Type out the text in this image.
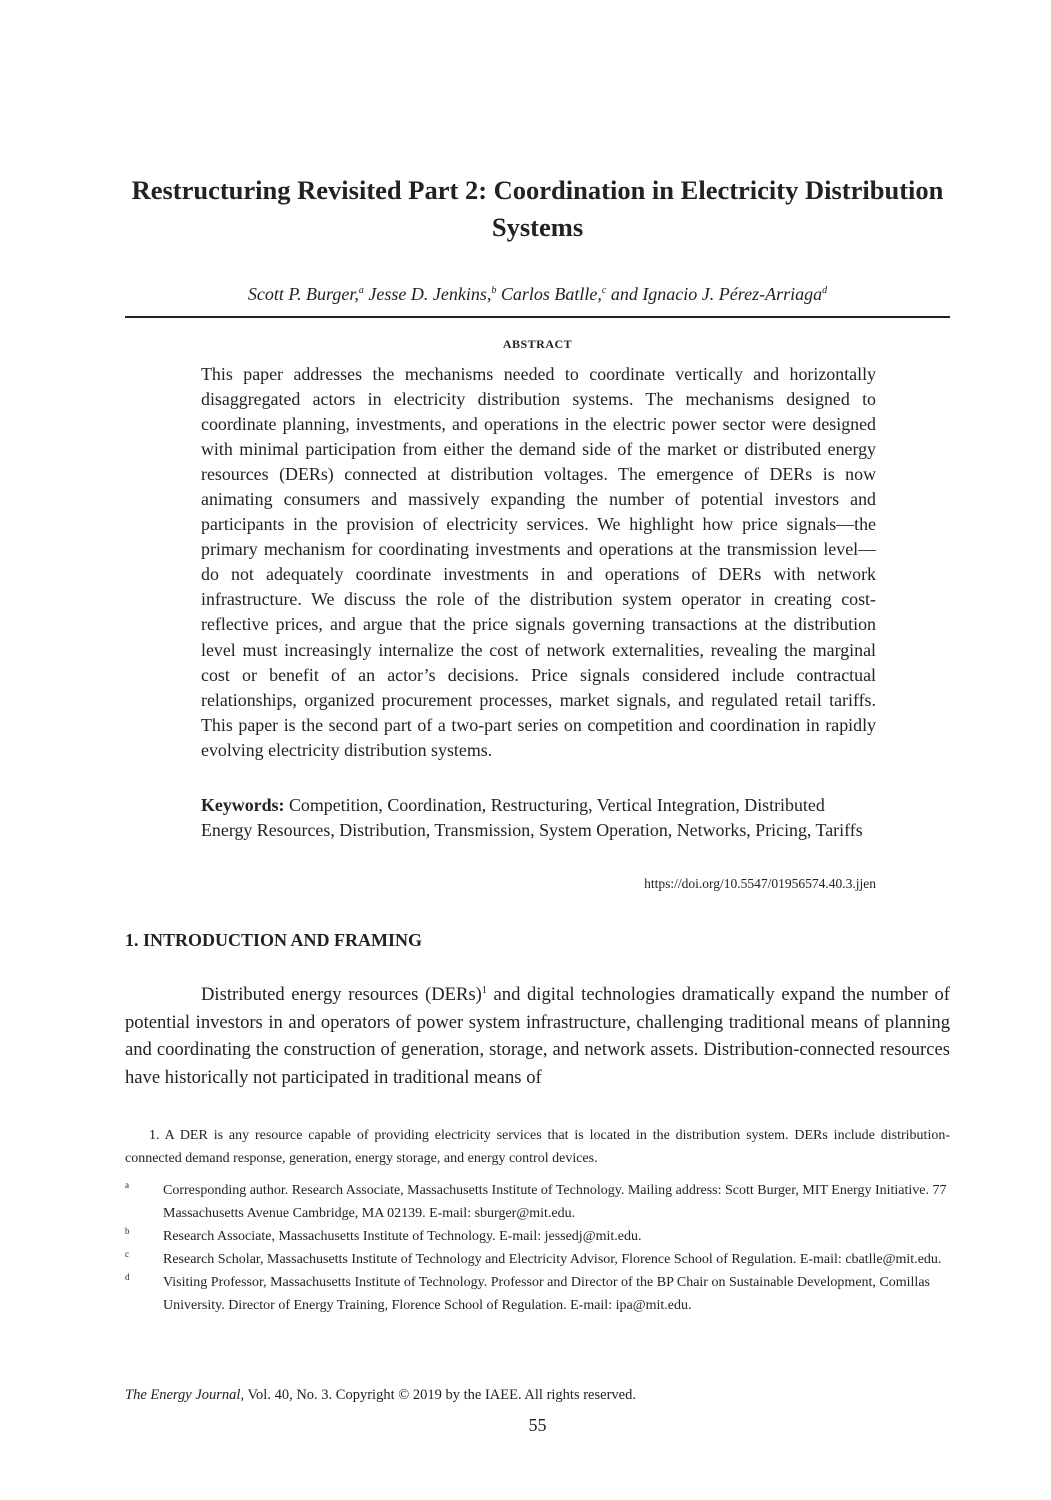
Restructuring Revisited Part 2: Coordination in Electricity Distribution Systems
Scott P. Burger,$^a$ Jesse D. Jenkins,$^b$ Carlos Batlle,$^c$ and Ignacio J. Pérez-Arriaga$^d$
ABSTRACT
This paper addresses the mechanisms needed to coordinate vertically and horizontally disaggregated actors in electricity distribution systems. The mechanisms designed to coordinate planning, investments, and operations in the electric power sector were designed with minimal participation from either the demand side of the market or distributed energy resources (DERs) connected at distribution voltages. The emergence of DERs is now animating consumers and massively expanding the number of potential investors and participants in the provision of electricity services. We highlight how price signals—the primary mechanism for coordinating investments and operations at the transmission level—do not adequately coordinate investments in and operations of DERs with network infrastructure. We discuss the role of the distribution system operator in creating cost-reflective prices, and argue that the price signals governing transactions at the distribution level must increasingly internalize the cost of network externalities, revealing the marginal cost or benefit of an actor’s decisions. Price signals considered include contractual relationships, organized procurement processes, market signals, and regulated retail tariffs. This paper is the second part of a two-part series on competition and coordination in rapidly evolving electricity distribution systems.
Keywords: Competition, Coordination, Restructuring, Vertical Integration, Distributed Energy Resources, Distribution, Transmission, System Operation, Networks, Pricing, Tariffs
https://doi.org/10.5547/01956574.40.3.jjen
1. INTRODUCTION AND FRAMING
Distributed energy resources (DERs)$^1$ and digital technologies dramatically expand the number of potential investors in and operators of power system infrastructure, challenging traditional means of planning and coordinating the construction of generation, storage, and network assets. Distribution-connected resources have historically not participated in traditional means of
1. A DER is any resource capable of providing electricity services that is located in the distribution system. DERs include distribution-connected demand response, generation, energy storage, and energy control devices.
a Corresponding author. Research Associate, Massachusetts Institute of Technology. Mailing address: Scott Burger, MIT Energy Initiative. 77 Massachusetts Avenue Cambridge, MA 02139. E-mail: sburger@mit.edu.
b Research Associate, Massachusetts Institute of Technology. E-mail: jessedj@mit.edu.
c Research Scholar, Massachusetts Institute of Technology and Electricity Advisor, Florence School of Regulation. E-mail: cbatlle@mit.edu.
d Visiting Professor, Massachusetts Institute of Technology. Professor and Director of the BP Chair on Sustainable Development, Comillas University. Director of Energy Training, Florence School of Regulation. E-mail: ipa@mit.edu.
The Energy Journal, Vol. 40, No. 3. Copyright © 2019 by the IAEE. All rights reserved.
55
